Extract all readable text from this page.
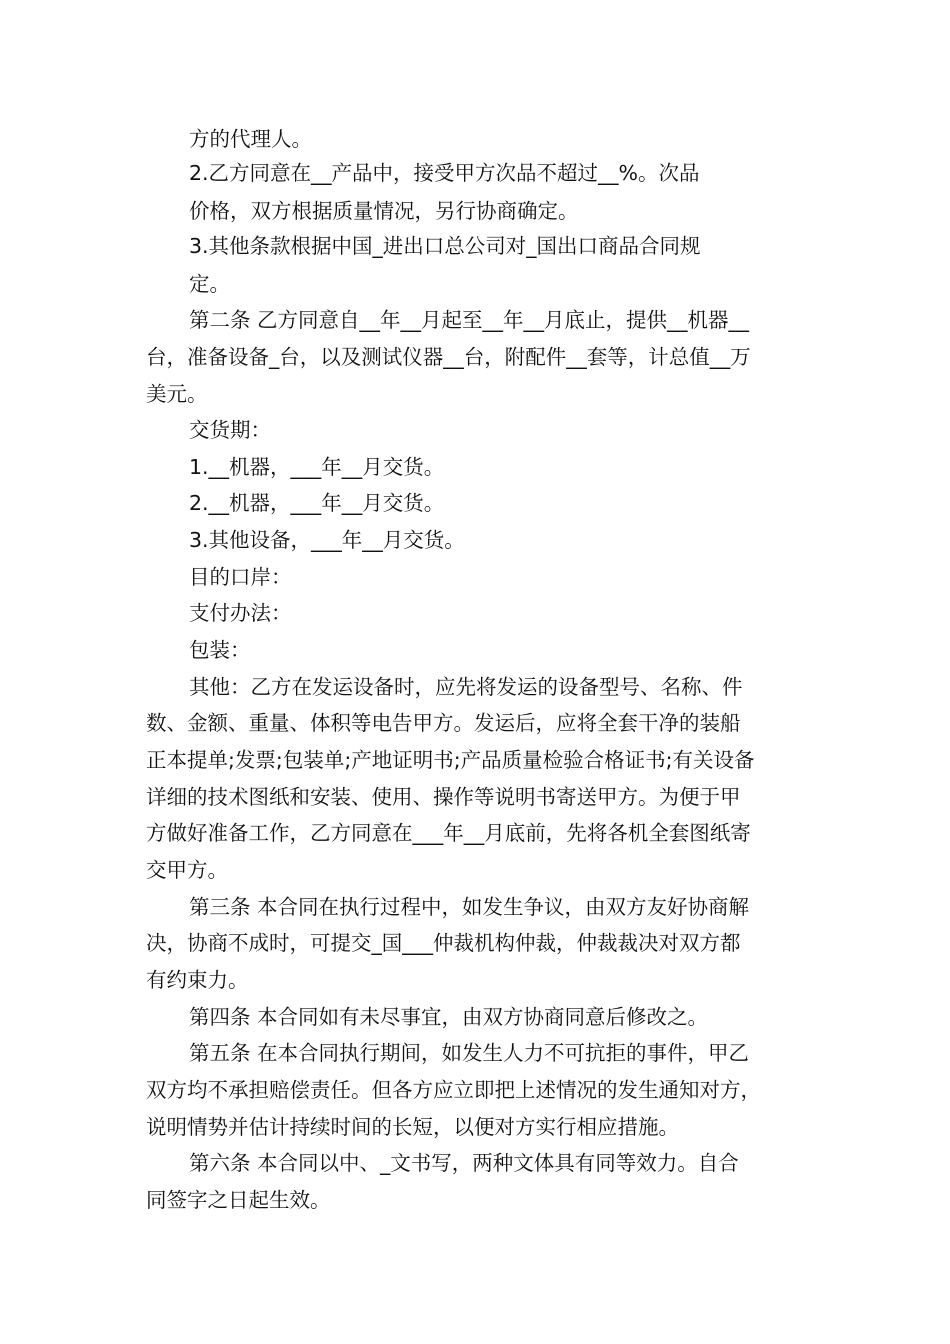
方的代理人。
2.乙方同意在__产品中，接受甲方次品不超过__%。次品
价格，双方根据质量情况，另行协商确定。
3.其他条款根据中国_进出口总公司对_国出口商品合同规
定。
第二条 乙方同意自__年__月起至__年__月底止，提供__机器__
台，准备设备_台，以及测试仪器__台，附配件__套等，计总值__万
美元。
交货期：
1.__机器，___年__月交货。
2.__机器，___年__月交货。
3.其他设备，___年__月交货。
目的口岸：
支付办法：
包装：
其他：乙方在发运设备时，应先将发运的设备型号、名称、件
数、金额、重量、体积等电告甲方。发运后，应将全套干净的装船
正本提单;发票;包装单;产地证明书;产品质量检验合格证书;有关设备
详细的技术图纸和安装、使用、操作等说明书寄送甲方。为便于甲
方做好准备工作，乙方同意在___年__月底前，先将各机全套图纸寄
交甲方。
第三条 本合同在执行过程中，如发生争议，由双方友好协商解
决，协商不成时，可提交_国___仲裁机构仲裁，仲裁裁决对双方都
有约束力。
第四条 本合同如有未尽事宜，由双方协商同意后修改之。
第五条 在本合同执行期间，如发生人力不可抗拒的事件，甲乙
双方均不承担赔偿责任。但各方应立即把上述情况的发生通知对方，
说明情势并估计持续时间的长短，以便对方实行相应措施。
第六条 本合同以中、_文书写，两种文体具有同等效力。自合
同签字之日起生效。
